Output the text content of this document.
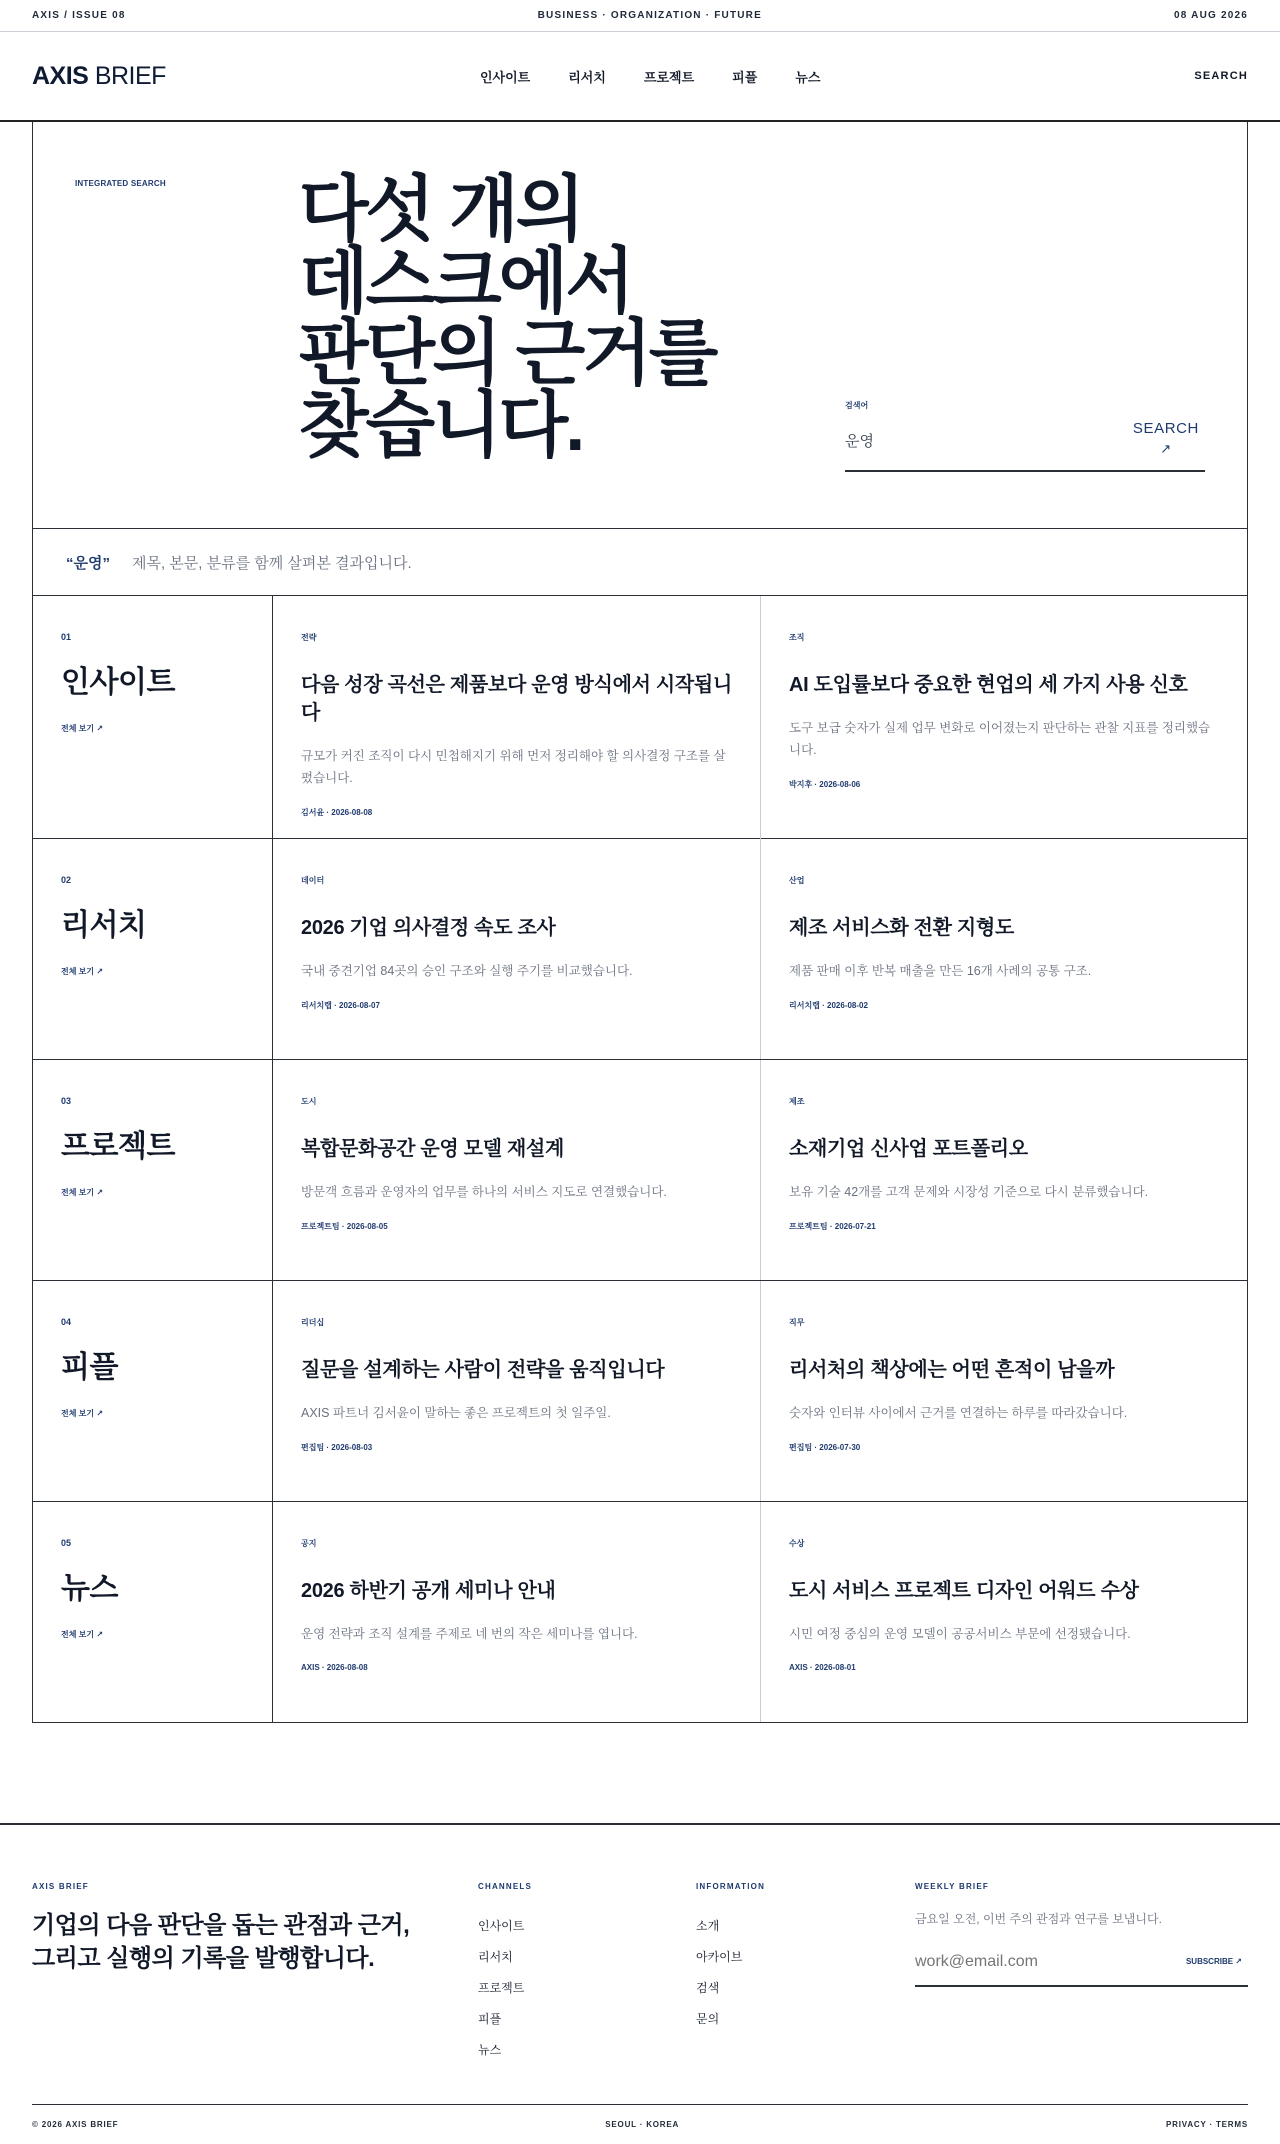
AXIS / ISSUE 08	BUSINESS · ORGANIZATION · FUTURE	08 AUG 2026
AXIS BRIEF	인사이트	리서치	프로젝트	피플	뉴스	SEARCH
INTEGRATED SEARCH 다섯 개의
데스크에서
판단의 근거를
찾습니다.	검색어
운영
SEARCH
↗
“운영” 제목, 본문, 분류를 함께 살펴본 결과입니다.
01
인사이트
전체 보기 ↗
전략
다음 성장 곡선은 제품보다 운영 방식에서 시작됩니다
규모가 커진 조직이 다시 민첩해지기 위해 먼저 정리해야 할 의사결정 구조를 살폈습니다.
김서윤 · 2026-08-08
조직
AI 도입률보다 중요한 현업의 세 가지 사용 신호
도구 보급 숫자가 실제 업무 변화로 이어졌는지 판단하는 관찰 지표를 정리했습니다.
박지후 · 2026-08-06
02
리서치
전체 보기 ↗
데이터
2026 기업 의사결정 속도 조사
국내 중견기업 84곳의 승인 구조와 실행 주기를 비교했습니다.
리서치랩 · 2026-08-07
산업
제조 서비스화 전환 지형도
제품 판매 이후 반복 매출을 만든 16개 사례의 공통 구조.
리서치랩 · 2026-08-02
03
프로젝트
전체 보기 ↗
도시
복합문화공간 운영 모델 재설계
방문객 흐름과 운영자의 업무를 하나의 서비스 지도로 연결했습니다.
프로젝트팀 · 2026-08-05
제조
소재기업 신사업 포트폴리오
보유 기술 42개를 고객 문제와 시장성 기준으로 다시 분류했습니다.
프로젝트팀 · 2026-07-21
04
피플
전체 보기 ↗
리더십
질문을 설계하는 사람이 전략을 움직입니다
AXIS 파트너 김서윤이 말하는 좋은 프로젝트의 첫 일주일.
편집팀 · 2026-08-03
직무
리서처의 책상에는 어떤 흔적이 남을까
숫자와 인터뷰 사이에서 근거를 연결하는 하루를 따라갔습니다.
편집팀 · 2026-07-30
05
뉴스
전체 보기 ↗
공지
2026 하반기 공개 세미나 안내
운영 전략과 조직 설계를 주제로 네 번의 작은 세미나를 엽니다.
AXIS · 2026-08-08
수상
도시 서비스 프로젝트 디자인 어워드 수상
시민 여정 중심의 운영 모델이 공공서비스 부문에 선정됐습니다.
AXIS · 2026-08-01
AXIS BRIEF
기업의 다음 판단을 돕는 관점과 근거,
그리고 실행의 기록을 발행합니다.
CHANNELS
인사이트
리서치
프로젝트
피플
뉴스
INFORMATION
소개
아카이브
검색
문의
WEEKLY BRIEF
금요일 오전, 이번 주의 관점과 연구를 보냅니다.
work@email.com
SUBSCRIBE ↗
© 2026 AXIS BRIEF	SEOUL · KOREA	PRIVACY · TERMS
